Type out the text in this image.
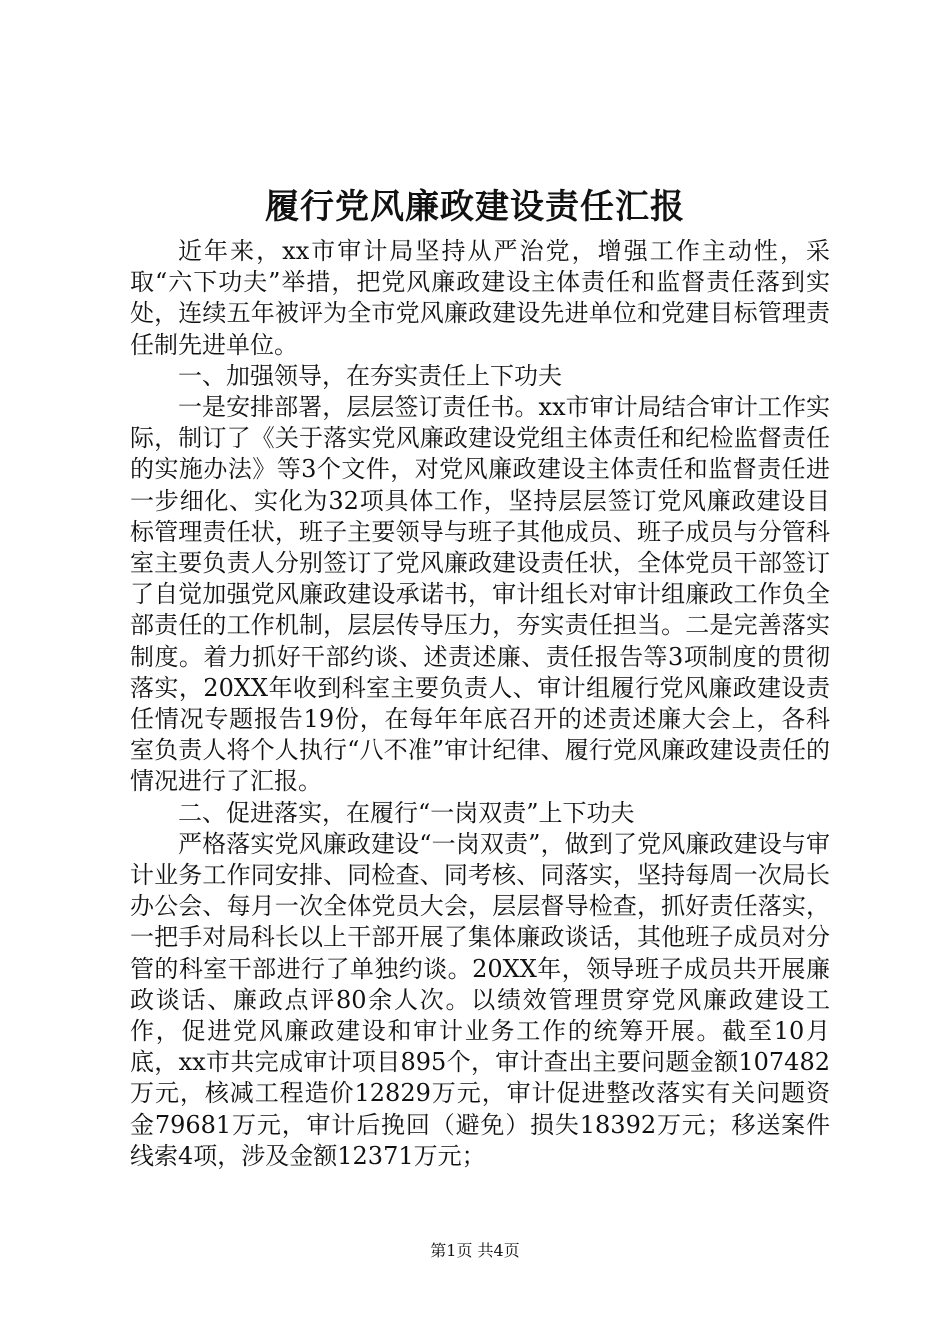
履行党风廉政建设责任汇报

近年来，xx市审计局坚持从严治党，增强工作主动性，采取“六下功夫”举措，把党风廉政建设主体责任和监督责任落到实处，连续五年被评为全市党风廉政建设先进单位和党建目标管理责任制先进单位。

一、加强领导，在夯实责任上下功夫

一是安排部署，层层签订责任书。xx市审计局结合审计工作实际，制订了《关于落实党风廉政建设党组主体责任和纪检监督责任的实施办法》等3个文件，对党风廉政建设主体责任和监督责任进一步细化、实化为32项具体工作，坚持层层签订党风廉政建设目标管理责任状，班子主要领导与班子其他成员、班子成员与分管科室主要负责人分别签订了党风廉政建设责任状，全体党员干部签订了自觉加强党风廉政建设承诺书，审计组长对审计组廉政工作负全部责任的工作机制，层层传导压力，夯实责任担当。二是完善落实制度。着力抓好干部约谈、述责述廉、责任报告等3项制度的贯彻落实，20XX年收到科室主要负责人、审计组履行党风廉政建设责任情况专题报告19份，在每年年底召开的述责述廉大会上，各科室负责人将个人执行“八不准”审计纪律、履行党风廉政建设责任的情况进行了汇报。

二、促进落实，在履行“一岗双责”上下功夫

严格落实党风廉政建设“一岗双责”，做到了党风廉政建设与审计业务工作同安排、同检查、同考核、同落实，坚持每周一次局长办公会、每月一次全体党员大会，层层督导检查，抓好责任落实，一把手对局科长以上干部开展了集体廉政谈话，其他班子成员对分管的科室干部进行了单独约谈。20XX年，领导班子成员共开展廉政谈话、廉政点评80余人次。以绩效管理贯穿党风廉政建设工作，促进党风廉政建设和审计业务工作的统筹开展。截至10月底，xx市共完成审计项目895个，审计查出主要问题金额107482万元，核减工程造价12829万元，审计促进整改落实有关问题资金79681万元，审计后挽回（避免）损失18392万元；移送案件线索4项，涉及金额12371万元；

第1页 共4页
